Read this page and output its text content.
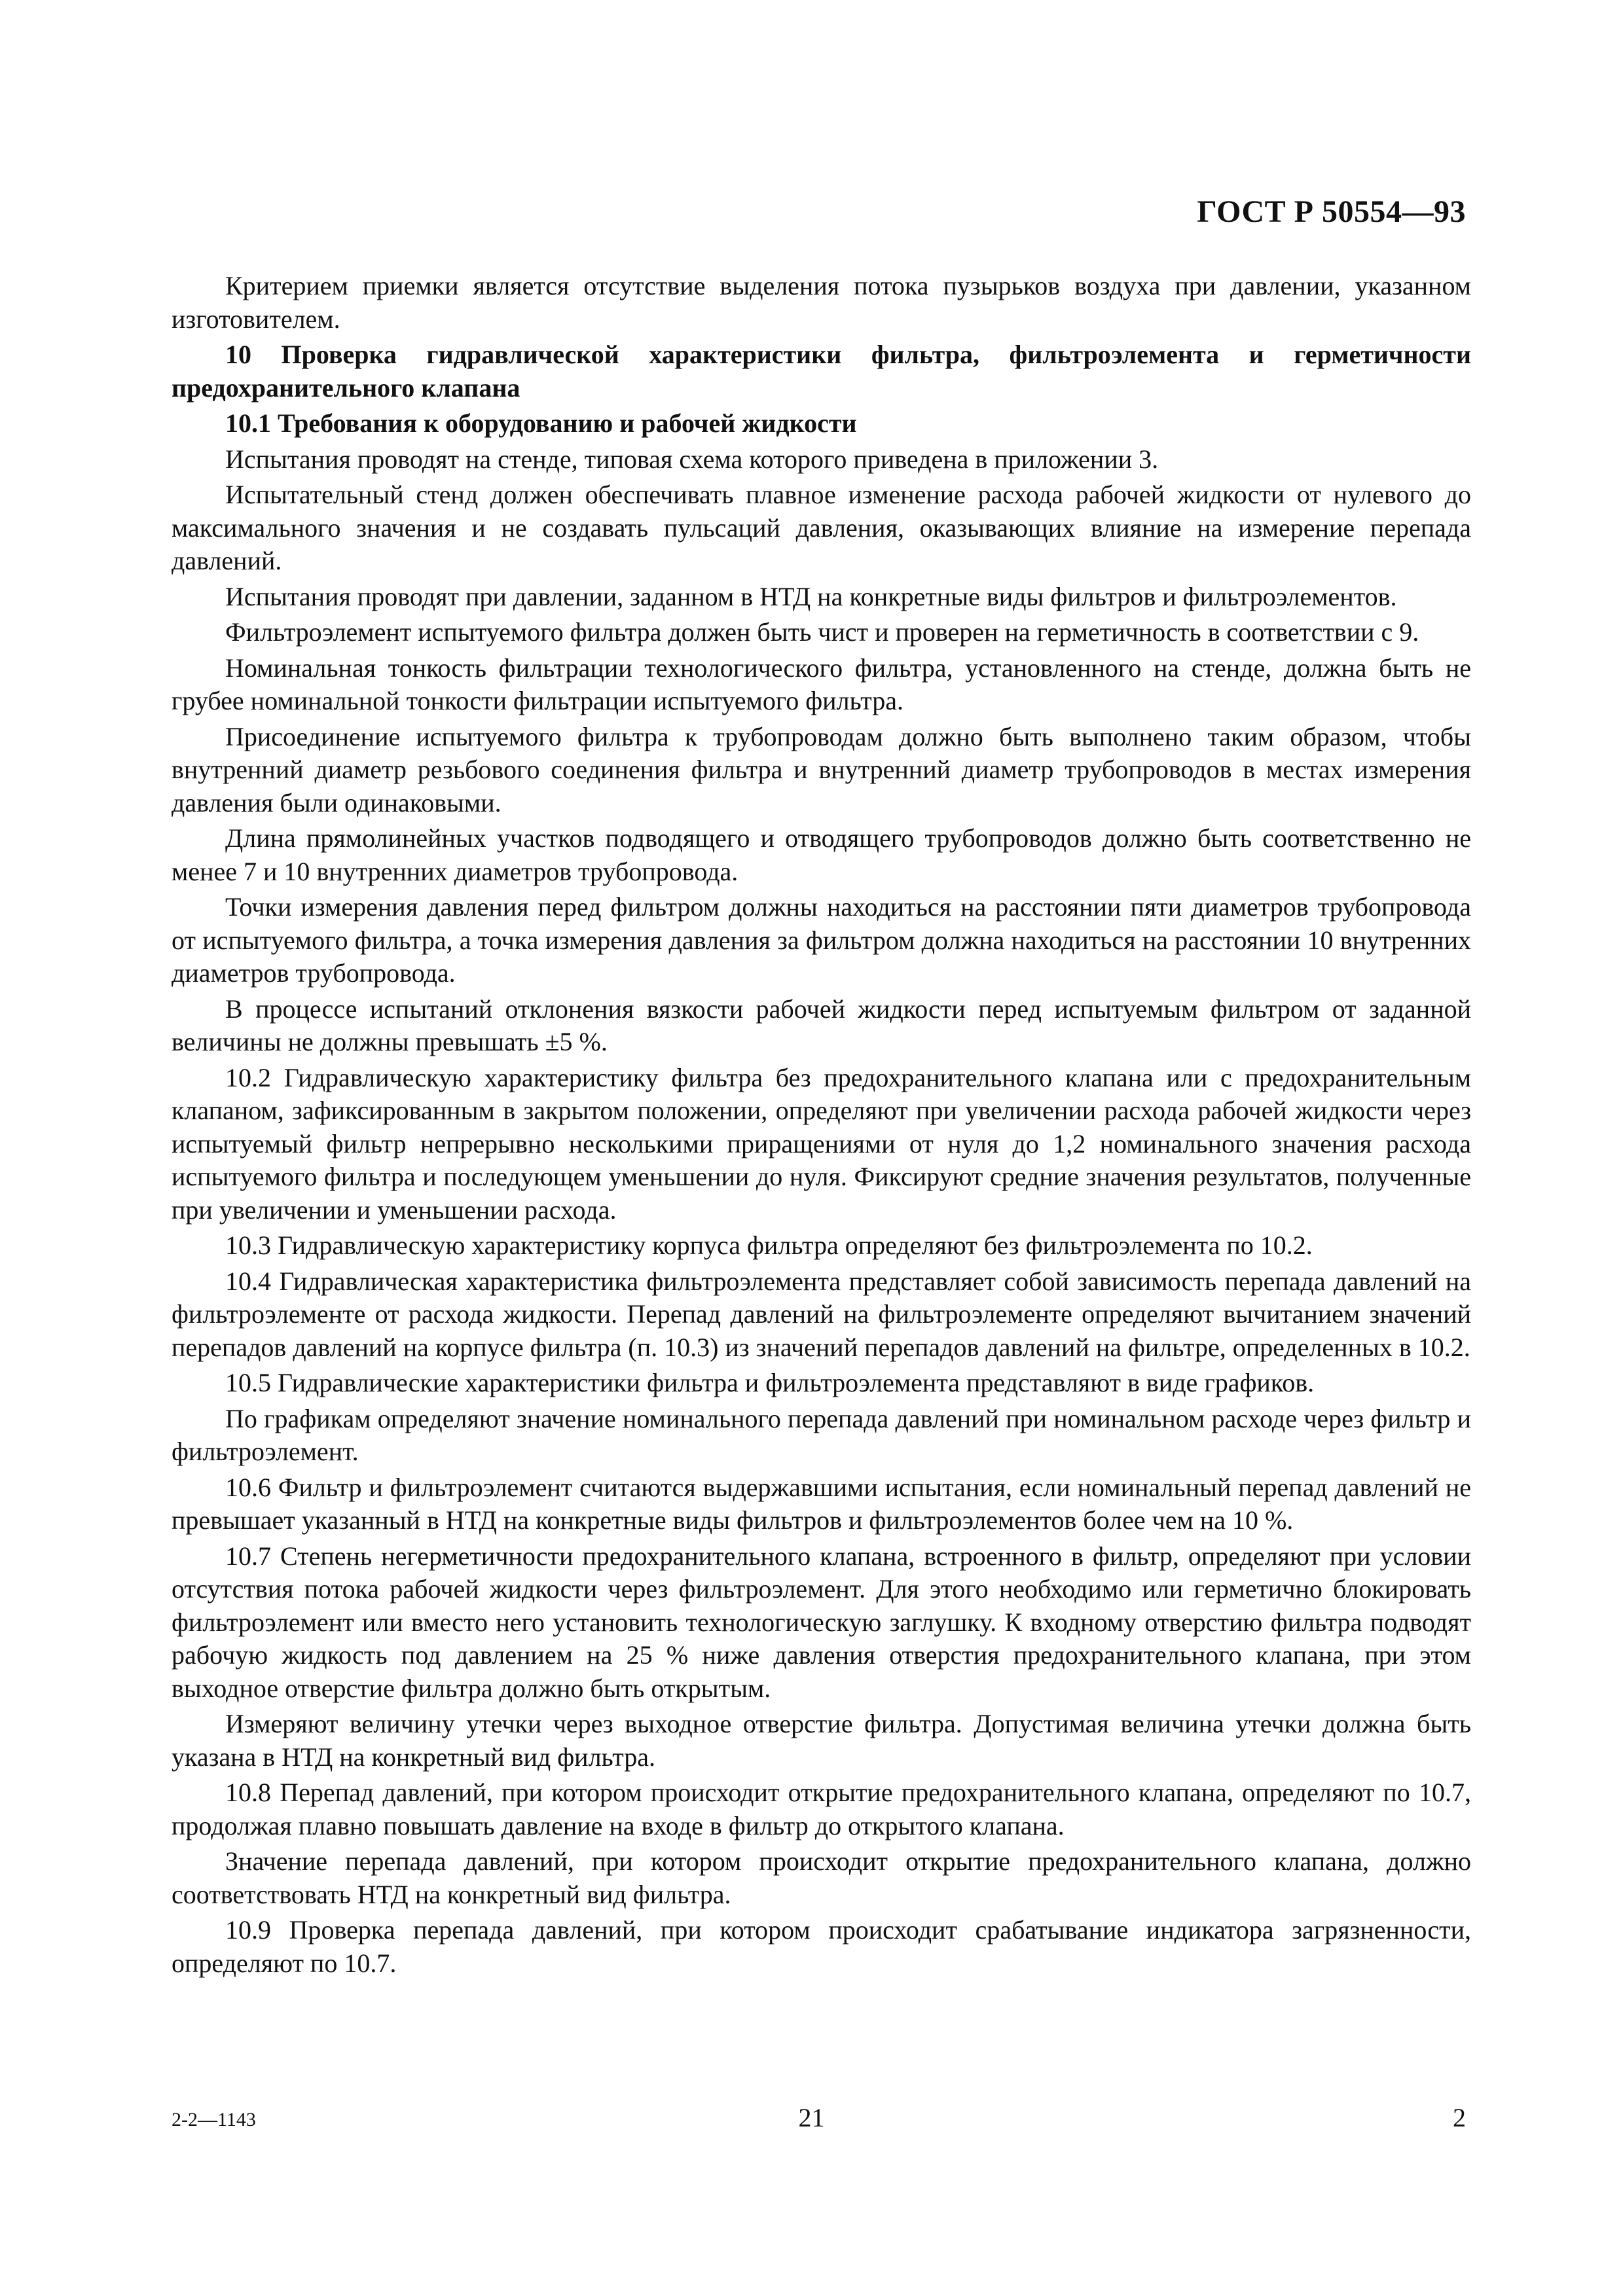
ГОСТ Р 50554—93

Критерием приемки является отсутствие выделения потока пузырьков воздуха при давлении, указанном изготовителем.

10 Проверка гидравлической характеристики фильтра, фильтроэлемента и герметичности предохранительного клапана

10.1 Требования к оборудованию и рабочей жидкости

Испытания проводят на стенде, типовая схема которого приведена в приложении 3.

Испытательный стенд должен обеспечивать плавное изменение расхода рабочей жидкости от нулевого до максимального значения и не создавать пульсаций давления, оказывающих влияние на измерение перепада давлений.

Испытания проводят при давлении, заданном в НТД на конкретные виды фильтров и фильтроэлементов.

Фильтроэлемент испытуемого фильтра должен быть чист и проверен на герметичность в соответствии с 9.

Номинальная тонкость фильтрации технологического фильтра, установленного на стенде, должна быть не грубее номинальной тонкости фильтрации испытуемого фильтра.

Присоединение испытуемого фильтра к трубопроводам должно быть выполнено таким образом, чтобы внутренний диаметр резьбового соединения фильтра и внутренний диаметр трубопроводов в местах измерения давления были одинаковыми.

Длина прямолинейных участков подводящего и отводящего трубопроводов должно быть соответственно не менее 7 и 10 внутренних диаметров трубопровода.

Точки измерения давления перед фильтром должны находиться на расстоянии пяти диаметров трубопровода от испытуемого фильтра, а точка измерения давления за фильтром должна находиться на расстоянии 10 внутренних диаметров трубопровода.

В процессе испытаний отклонения вязкости рабочей жидкости перед испытуемым фильтром от заданной величины не должны превышать ±5 %.

10.2 Гидравлическую характеристику фильтра без предохранительного клапана или с предохранительным клапаном, зафиксированным в закрытом положении, определяют при увеличении расхода рабочей жидкости через испытуемый фильтр непрерывно несколькими приращениями от нуля до 1,2 номинального значения расхода испытуемого фильтра и последующем уменьшении до нуля. Фиксируют средние значения результатов, полученные при увеличении и уменьшении расхода.

10.3 Гидравлическую характеристику корпуса фильтра определяют без фильтроэлемента по 10.2.

10.4 Гидравлическая характеристика фильтроэлемента представляет собой зависимость перепада давлений на фильтроэлементе от расхода жидкости. Перепад давлений на фильтроэлементе определяют вычитанием значений перепадов давлений на корпусе фильтра (п. 10.3) из значений перепадов давлений на фильтре, определенных в 10.2.

10.5 Гидравлические характеристики фильтра и фильтроэлемента представляют в виде графиков.

По графикам определяют значение номинального перепада давлений при номинальном расходе через фильтр и фильтроэлемент.

10.6 Фильтр и фильтроэлемент считаются выдержавшими испытания, если номинальный перепад давлений не превышает указанный в НТД на конкретные виды фильтров и фильтроэлементов более чем на 10 %.

10.7 Степень негерметичности предохранительного клапана, встроенного в фильтр, определяют при условии отсутствия потока рабочей жидкости через фильтроэлемент. Для этого необходимо или герметично блокировать фильтроэлемент или вместо него установить технологическую заглушку. К входному отверстию фильтра подводят рабочую жидкость под давлением на 25 % ниже давления отверстия предохранительного клапана, при этом выходное отверстие фильтра должно быть открытым.

Измеряют величину утечки через выходное отверстие фильтра. Допустимая величина утечки должна быть указана в НТД на конкретный вид фильтра.

10.8 Перепад давлений, при котором происходит открытие предохранительного клапана, определяют по 10.7, продолжая плавно повышать давление на входе в фильтр до открытого клапана.

Значение перепада давлений, при котором происходит открытие предохранительного клапана, должно соответствовать НТД на конкретный вид фильтра.

10.9 Проверка перепада давлений, при котором происходит срабатывание индикатора загрязненности, определяют по 10.7.

2-2—1143	21	2
